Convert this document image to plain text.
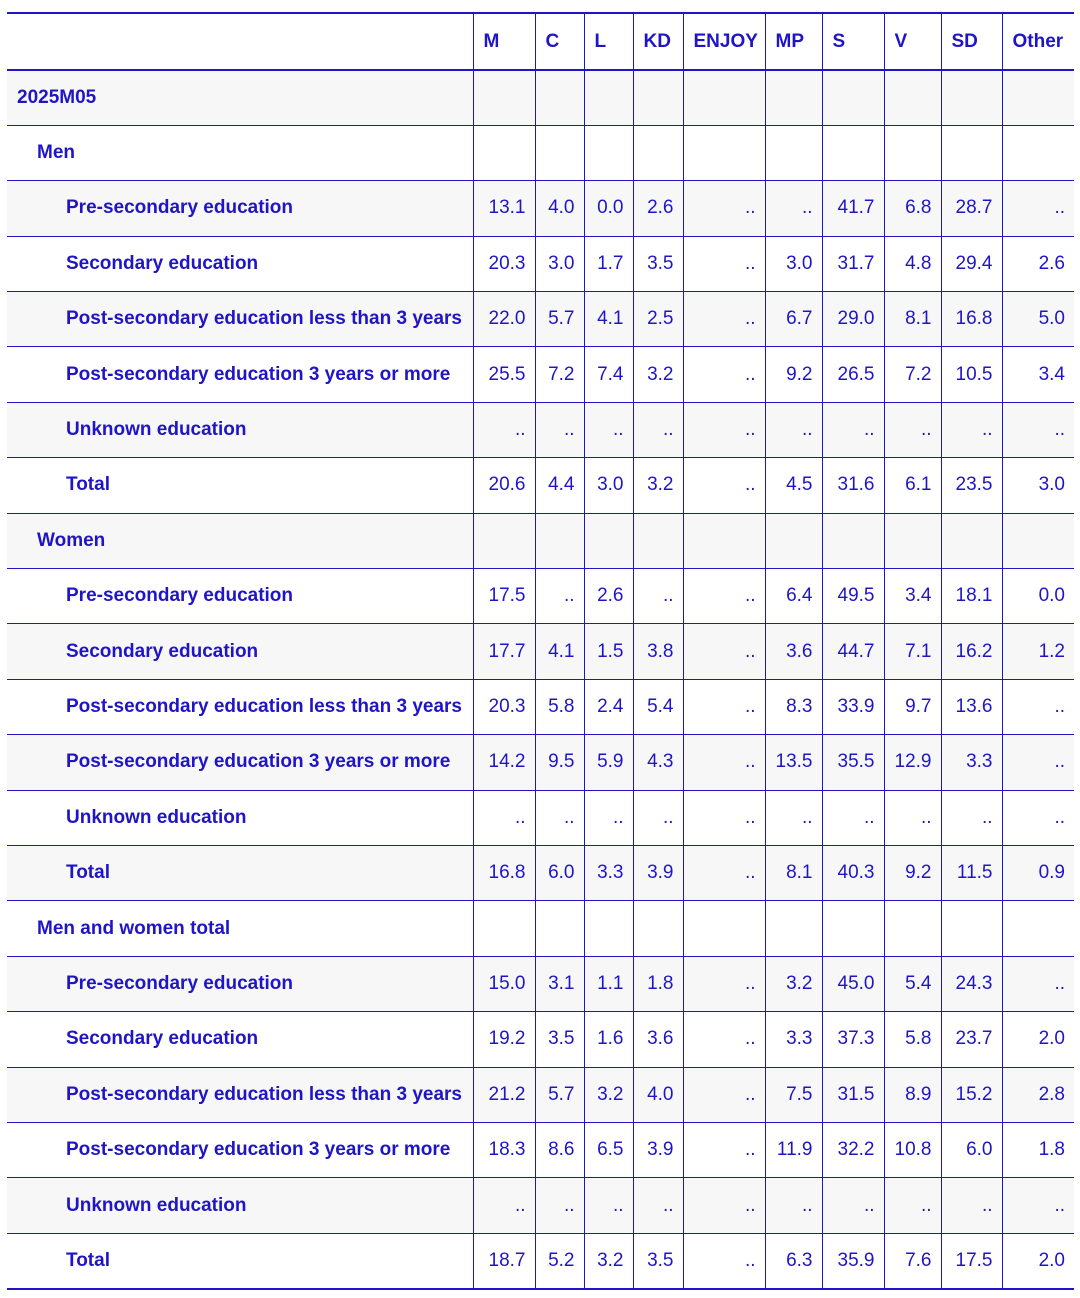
	M	C	L	KD	ENJOY	MP	S	V	SD	Other
2025M05										
Men										
Pre-secondary education	13.1	4.0	0.0	2.6	..	..	41.7	6.8	28.7	..
Secondary education	20.3	3.0	1.7	3.5	..	3.0	31.7	4.8	29.4	2.6
Post-secondary education less than 3 years	22.0	5.7	4.1	2.5	..	6.7	29.0	8.1	16.8	5.0
Post-secondary education 3 years or more	25.5	7.2	7.4	3.2	..	9.2	26.5	7.2	10.5	3.4
Unknown education	..	..	..	..	..	..	..	..	..	..
Total	20.6	4.4	3.0	3.2	..	4.5	31.6	6.1	23.5	3.0
Women										
Pre-secondary education	17.5	..	2.6	..	..	6.4	49.5	3.4	18.1	0.0
Secondary education	17.7	4.1	1.5	3.8	..	3.6	44.7	7.1	16.2	1.2
Post-secondary education less than 3 years	20.3	5.8	2.4	5.4	..	8.3	33.9	9.7	13.6	..
Post-secondary education 3 years or more	14.2	9.5	5.9	4.3	..	13.5	35.5	12.9	3.3	..
Unknown education	..	..	..	..	..	..	..	..	..	..
Total	16.8	6.0	3.3	3.9	..	8.1	40.3	9.2	11.5	0.9
Men and women total										
Pre-secondary education	15.0	3.1	1.1	1.8	..	3.2	45.0	5.4	24.3	..
Secondary education	19.2	3.5	1.6	3.6	..	3.3	37.3	5.8	23.7	2.0
Post-secondary education less than 3 years	21.2	5.7	3.2	4.0	..	7.5	31.5	8.9	15.2	2.8
Post-secondary education 3 years or more	18.3	8.6	6.5	3.9	..	11.9	32.2	10.8	6.0	1.8
Unknown education	..	..	..	..	..	..	..	..	..	..
Total	18.7	5.2	3.2	3.5	..	6.3	35.9	7.6	17.5	2.0
